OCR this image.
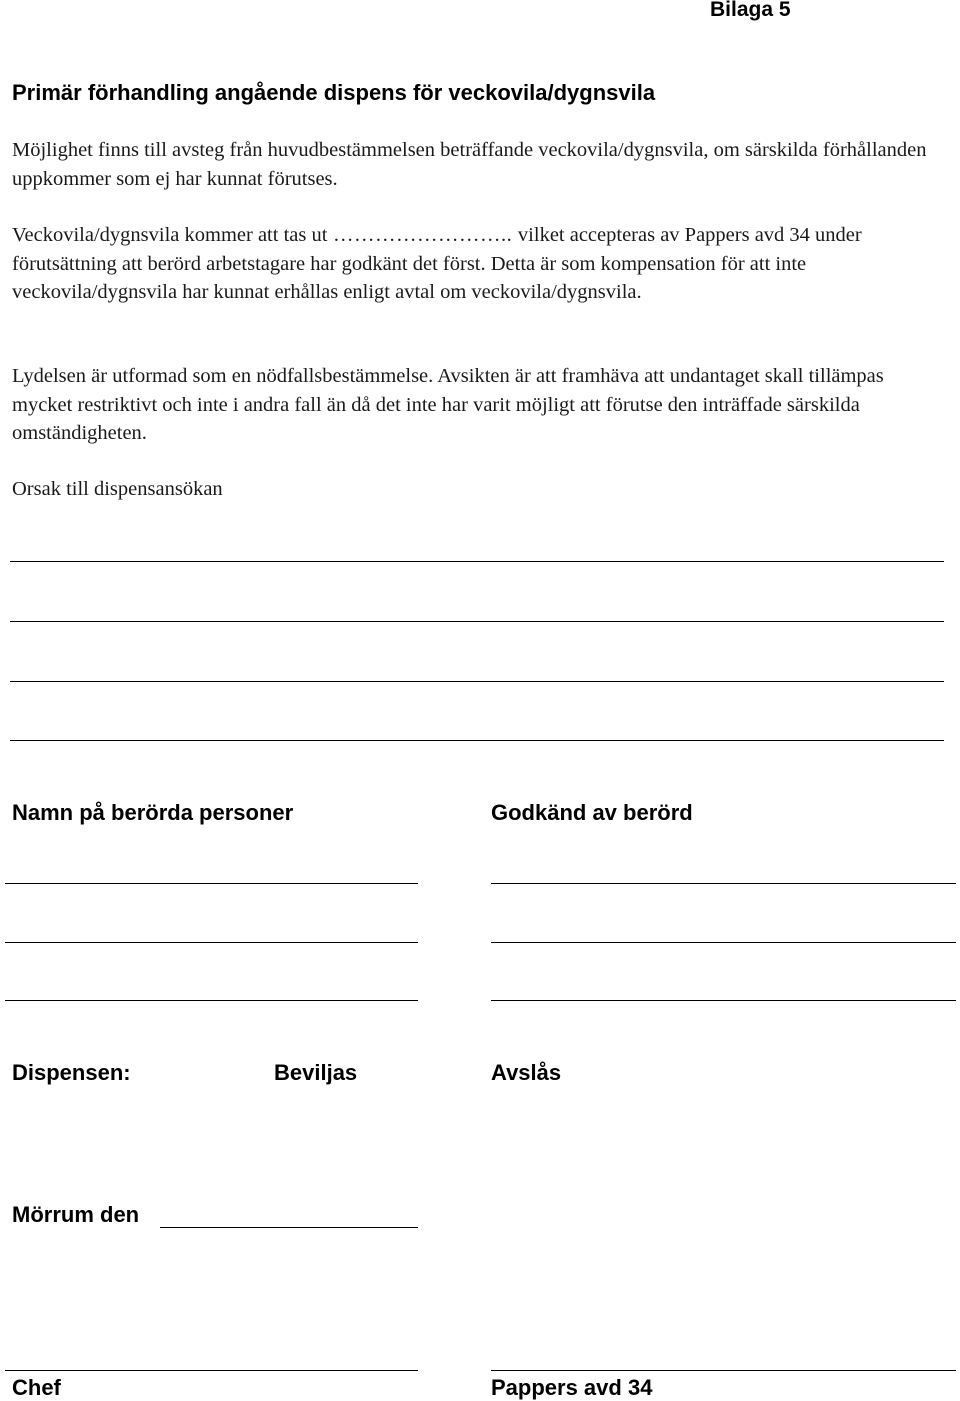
Bilaga 5
Primär förhandling angående dispens för veckovila/dygnsvila
Möjlighet finns till avsteg från huvudbestämmelsen beträffande veckovila/dygnsvila, om särskilda förhållanden uppkommer som ej har kunnat förutses.
Veckovila/dygnsvila kommer att tas ut …………………….. vilket accepteras av Pappers avd 34 under förutsättning att berörd arbetstagare har godkänt det först. Detta är som kompensation för att inte veckovila/dygnsvila har kunnat erhållas enligt avtal om veckovila/dygnsvila.
Lydelsen är utformad som en nödfallsbestämmelse. Avsikten är att framhäva att undantaget skall tillämpas mycket restriktivt och inte i andra fall än då det inte har varit möjligt att förutse den inträffade särskilda omständigheten.
Orsak till dispensansökan
Namn på berörda personer	Godkänd av berörd
Dispensen:	Beviljas	Avslås
Mörrum den
Chef	Pappers avd 34
